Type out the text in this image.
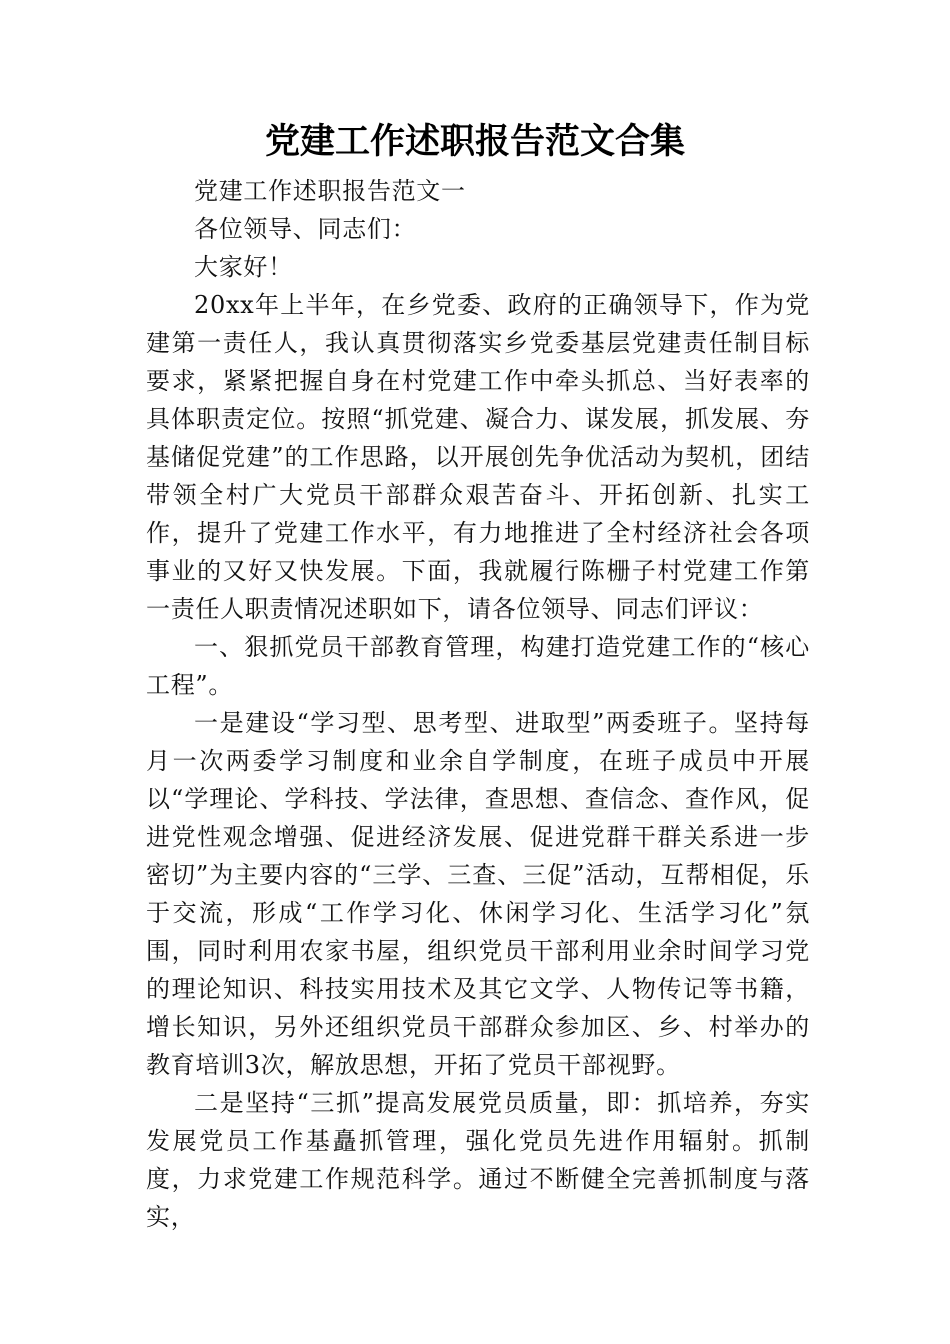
党建工作述职报告范文合集

党建工作述职报告范文一

各位领导、同志们：

大家好！

20xx年上半年，在乡党委、政府的正确领导下，作为党建第一责任人，我认真贯彻落实乡党委基层党建责任制目标要求，紧紧把握自身在村党建工作中牵头抓总、当好表率的具体职责定位。按照“抓党建、凝合力、谋发展，抓发展、夯基储促党建”的工作思路，以开展创先争优活动为契机，团结带领全村广大党员干部群众艰苦奋斗、开拓创新、扎实工作，提升了党建工作水平，有力地推进了全村经济社会各项事业的又好又快发展。下面，我就履行陈栅子村党建工作第一责任人职责情况述职如下，请各位领导、同志们评议：

一、狠抓党员干部教育管理，构建打造党建工作的“核心工程”。

一是建设“学习型、思考型、进取型”两委班子。坚持每月一次两委学习制度和业余自学制度，在班子成员中开展以“学理论、学科技、学法律，查思想、查信念、查作风，促进党性观念增强、促进经济发展、促进党群干群关系进一步密切”为主要内容的“三学、三查、三促”活动，互帮相促，乐于交流，形成“工作学习化、休闲学习化、生活学习化”氛围，同时利用农家书屋，组织党员干部利用业余时间学习党的理论知识、科技实用技术及其它文学、人物传记等书籍，增长知识，另外还组织党员干部群众参加区、乡、村举办的教育培训3次，解放思想，开拓了党员干部视野。

二是坚持“三抓”提高发展党员质量，即：抓培养，夯实发展党员工作基矗抓管理，强化党员先进作用辐射。抓制度，力求党建工作规范科学。通过不断健全完善抓制度与落实，
